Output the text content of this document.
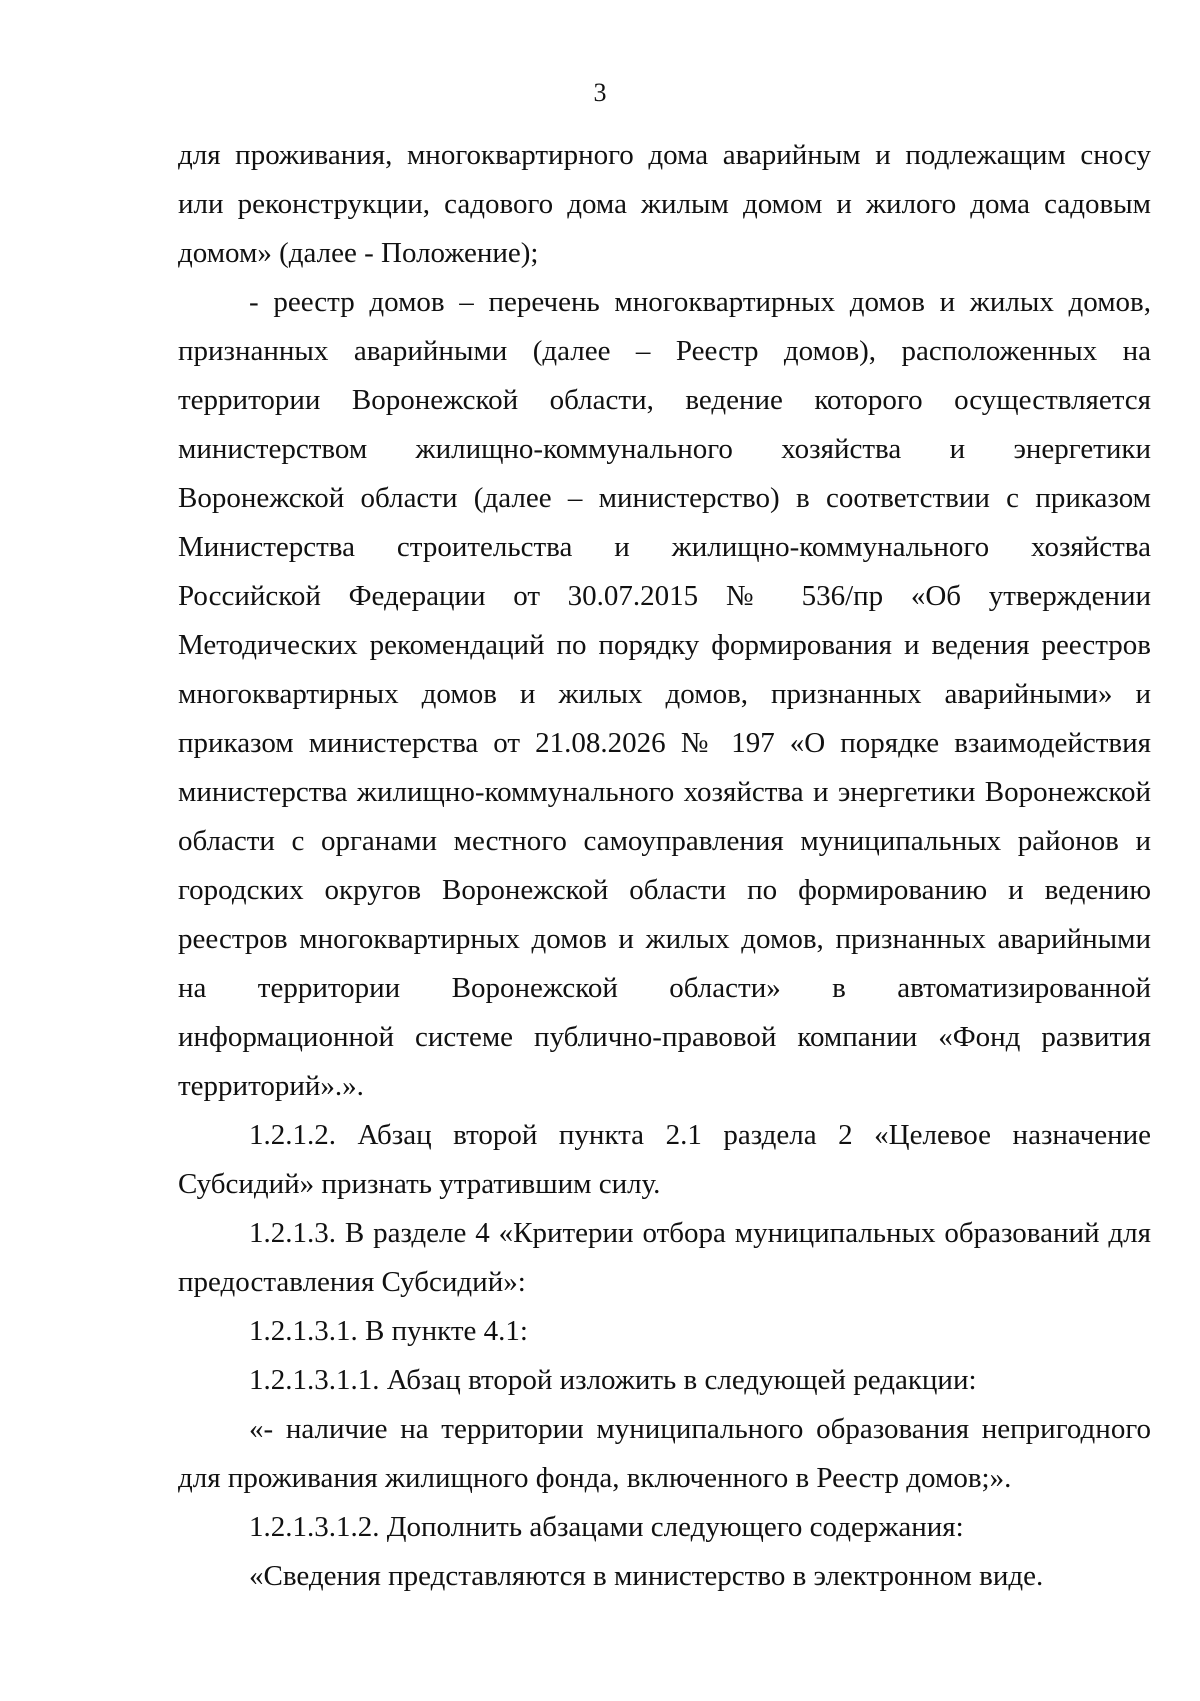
3

для проживания, многоквартирного дома аварийным и подлежащим сносу или реконструкции, садового дома жилым домом и жилого дома садовым домом» (далее - Положение);

- реестр домов – перечень многоквартирных домов и жилых домов, признанных аварийными (далее – Реестр домов), расположенных на территории Воронежской области, ведение которого осуществляется министерством жилищно-коммунального хозяйства и энергетики Воронежской области (далее – министерство) в соответствии с приказом Министерства строительства и жилищно-коммунального хозяйства Российской Федерации от 30.07.2015 № 536/пр «Об утверждении Методических рекомендаций по порядку формирования и ведения реестров многоквартирных домов и жилых домов, признанных аварийными» и приказом министерства от 21.08.2026 № 197 «О порядке взаимодействия министерства жилищно-коммунального хозяйства и энергетики Воронежской области с органами местного самоуправления муниципальных районов и городских округов Воронежской области по формированию и ведению реестров многоквартирных домов и жилых домов, признанных аварийными на территории Воронежской области» в автоматизированной информационной системе публично-правовой компании «Фонд развития территорий».».

1.2.1.2. Абзац второй пункта 2.1 раздела 2 «Целевое назначение Субсидий» признать утратившим силу.

1.2.1.3. В разделе 4 «Критерии отбора муниципальных образований для предоставления Субсидий»:

1.2.1.3.1. В пункте 4.1:

1.2.1.3.1.1. Абзац второй изложить в следующей редакции:

«- наличие на территории муниципального образования непригодного для проживания жилищного фонда, включенного в Реестр домов;».

1.2.1.3.1.2. Дополнить абзацами следующего содержания:

«Сведения представляются в министерство в электронном виде.
